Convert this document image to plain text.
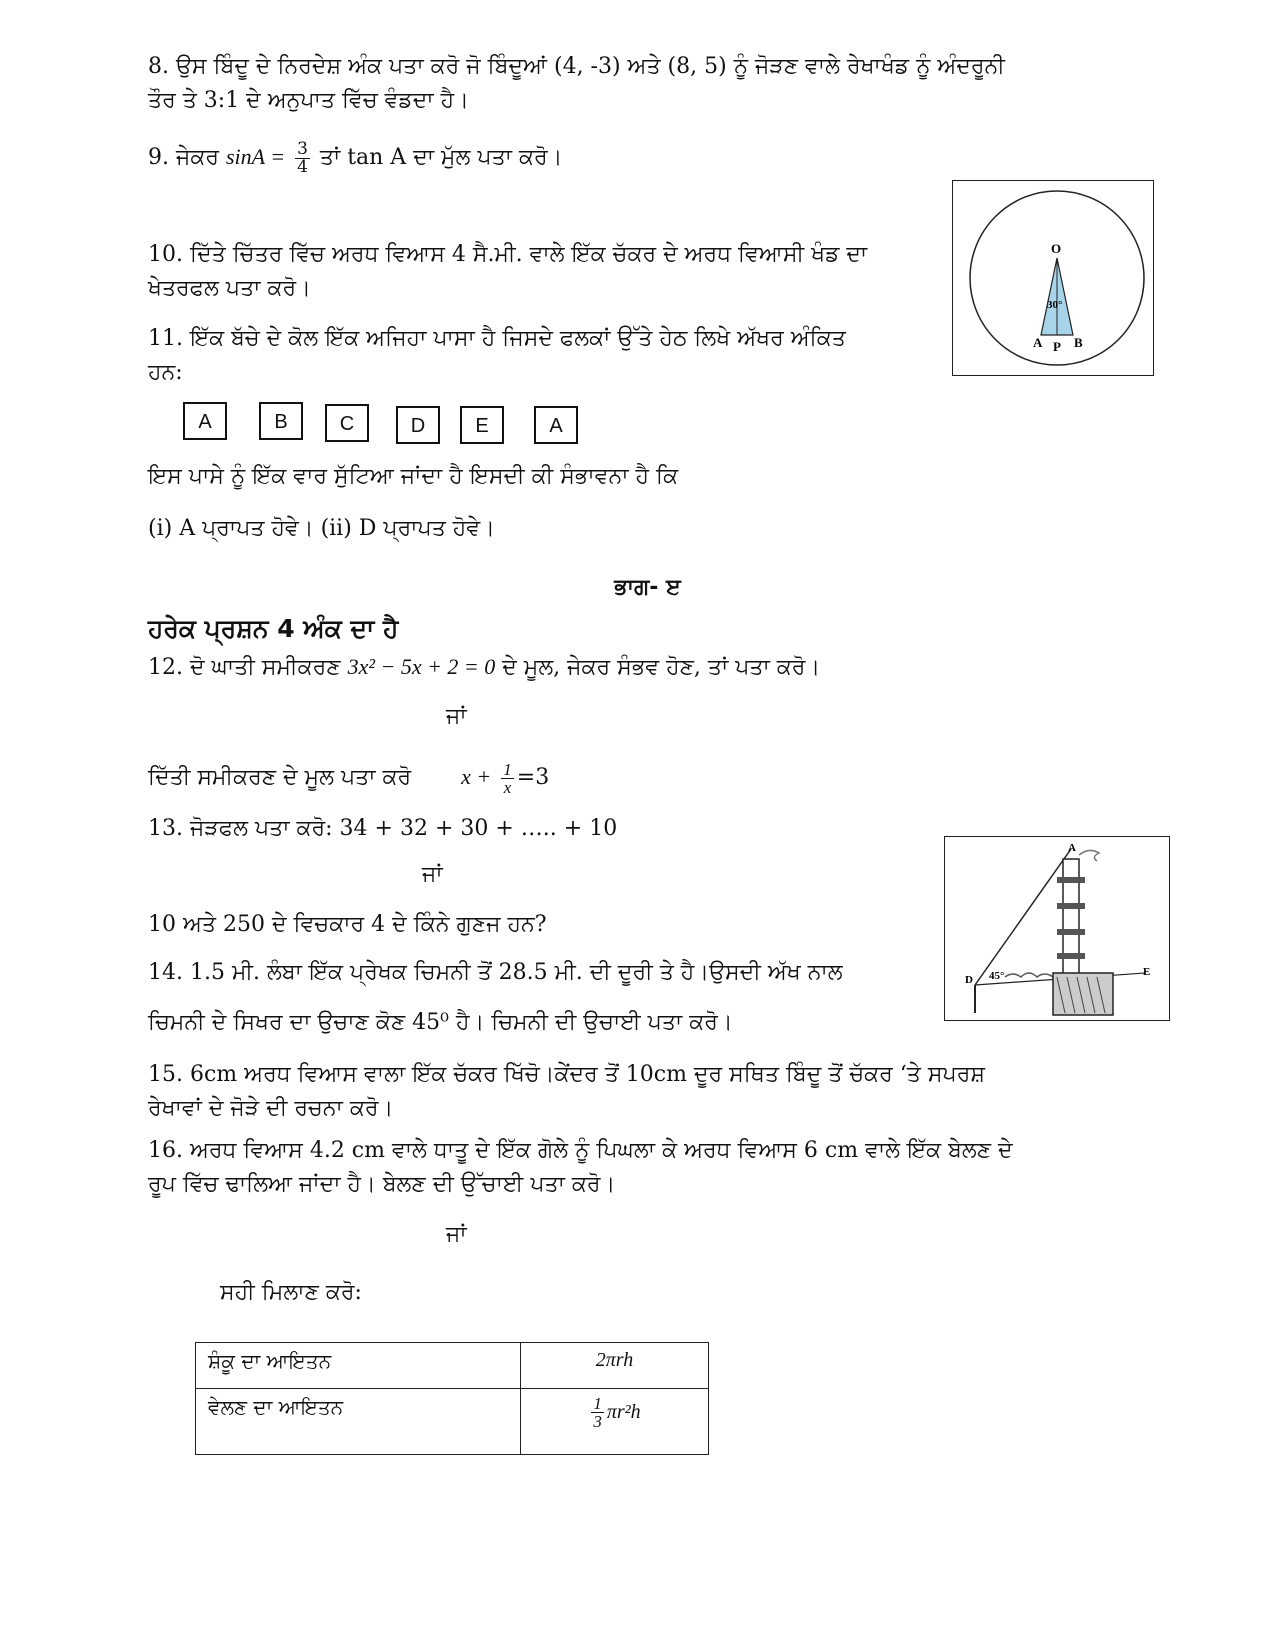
8. ਉਸ ਬਿੰਦੂ ਦੇ ਨਿਰਦੇਸ਼ ਅੰਕ ਪਤਾ ਕਰੋ ਜੋ ਬਿੰਦੂਆਂ (4, -3) ਅਤੇ (8, 5) ਨੂੰ ਜੋੜਣ ਵਾਲੇ ਰੇਖਾਖੰਡ ਨੂੰ ਅੰਦਰੂਨੀ
ਤੌਰ ਤੇ 3:1 ਦੇ ਅਨੁਪਾਤ ਵਿੱਚ ਵੰਡਦਾ ਹੈ।
9. ਜੇਕਰ $\sin A = \frac{3}{4}$ ਤਾਂ tan A ਦਾ ਮੁੱਲ ਪਤਾ ਕਰੋ।
10. ਦਿੱਤੇ ਚਿੱਤਰ ਵਿੱਚ ਅਰਧ ਵਿਆਸ 4 ਸੈ.ਮੀ. ਵਾਲੇ ਇੱਕ ਚੱਕਰ ਦੇ ਅਰਧ ਵਿਆਸੀ ਖੰਡ ਦਾ
ਖੇਤਰਫਲ ਪਤਾ ਕਰੋ।
O
30°
A P B
11. ਇੱਕ ਬੱਚੇ ਦੇ ਕੋਲ ਇੱਕ ਅਜਿਹਾ ਪਾਸਾ ਹੈ ਜਿਸਦੇ ਫਲਕਾਂ ਉੱਤੇ ਹੇਠ ਲਿਖੇ ਅੱਖਰ ਅੰਕਿਤ
ਹਨ:
A	B	C	D	E	A
ਇਸ ਪਾਸੇ ਨੂੰ ਇੱਕ ਵਾਰ ਸੁੱਟਿਆ ਜਾਂਦਾ ਹੈ ਇਸਦੀ ਕੀ ਸੰਭਾਵਨਾ ਹੈ ਕਿ
(i) A ਪ੍ਰਾਪਤ ਹੋਵੇ। (ii) D ਪ੍ਰਾਪਤ ਹੋਵੇ।
ਭਾਗ- ੲ
ਹਰੇਕ ਪ੍ਰਸ਼ਨ 4 ਅੰਕ ਦਾ ਹੈ
12. ਦੋ ਘਾਤੀ ਸਮੀਕਰਣ 3x² − 5x + 2 = 0 ਦੇ ਮੂਲ, ਜੇਕਰ ਸੰਭਵ ਹੋਣ, ਤਾਂ ਪਤਾ ਕਰੋ।
ਜਾਂ
ਦਿੱਤੀ ਸਮੀਕਰਣ ਦੇ ਮੂਲ ਪਤਾ ਕਰੋ $x + \frac{1}{x} =3$
13. ਜੋੜਫਲ ਪਤਾ ਕਰੋ: 34 + 32 + 30 + ….. + 10
ਜਾਂ
10 ਅਤੇ 250 ਦੇ ਵਿਚਕਾਰ 4 ਦੇ ਕਿੰਨੇ ਗੁਣਜ ਹਨ?
A
D
E
45°
14. 1.5 ਮੀ. ਲੰਬਾ ਇੱਕ ਪ੍ਰੇਖਕ ਚਿਮਨੀ ਤੋਂ 28.5 ਮੀ. ਦੀ ਦੂਰੀ ਤੇ ਹੈ।ਉਸਦੀ ਅੱਖ ਨਾਲ
ਚਿਮਨੀ ਦੇ ਸਿਖਰ ਦਾ ਉਚਾਣ ਕੋਣ 45⁰ ਹੈ। ਚਿਮਨੀ ਦੀ ਉਚਾਈ ਪਤਾ ਕਰੋ।
15. 6cm ਅਰਧ ਵਿਆਸ ਵਾਲਾ ਇੱਕ ਚੱਕਰ ਖਿੱਚੋ।ਕੇਂਦਰ ਤੋਂ 10cm ਦੂਰ ਸਥਿਤ ਬਿੰਦੂ ਤੋਂ ਚੱਕਰ ‘ਤੇ ਸਪਰਸ਼
ਰੇਖਾਵਾਂ ਦੇ ਜੋੜੇ ਦੀ ਰਚਨਾ ਕਰੋ।
16. ਅਰਧ ਵਿਆਸ 4.2 cm ਵਾਲੇ ਧਾਤੂ ਦੇ ਇੱਕ ਗੋਲੇ ਨੂੰ ਪਿਘਲਾ ਕੇ ਅਰਧ ਵਿਆਸ 6 cm ਵਾਲੇ ਇੱਕ ਬੇਲਣ ਦੇ
ਰੂਪ ਵਿੱਚ ਢਾਲਿਆ ਜਾਂਦਾ ਹੈ। ਬੇਲਣ ਦੀ ਉੱਚਾਈ ਪਤਾ ਕਰੋ।
ਜਾਂ
ਸਹੀ ਮਿਲਾਣ ਕਰੋ:
ਸ਼ੰਕੂ ਦਾ ਆਇਤਨ	2πrh
ਵੇਲਣ ਦਾ ਆਇਤਨ	$\frac{1}{3} \pi r^2h$
